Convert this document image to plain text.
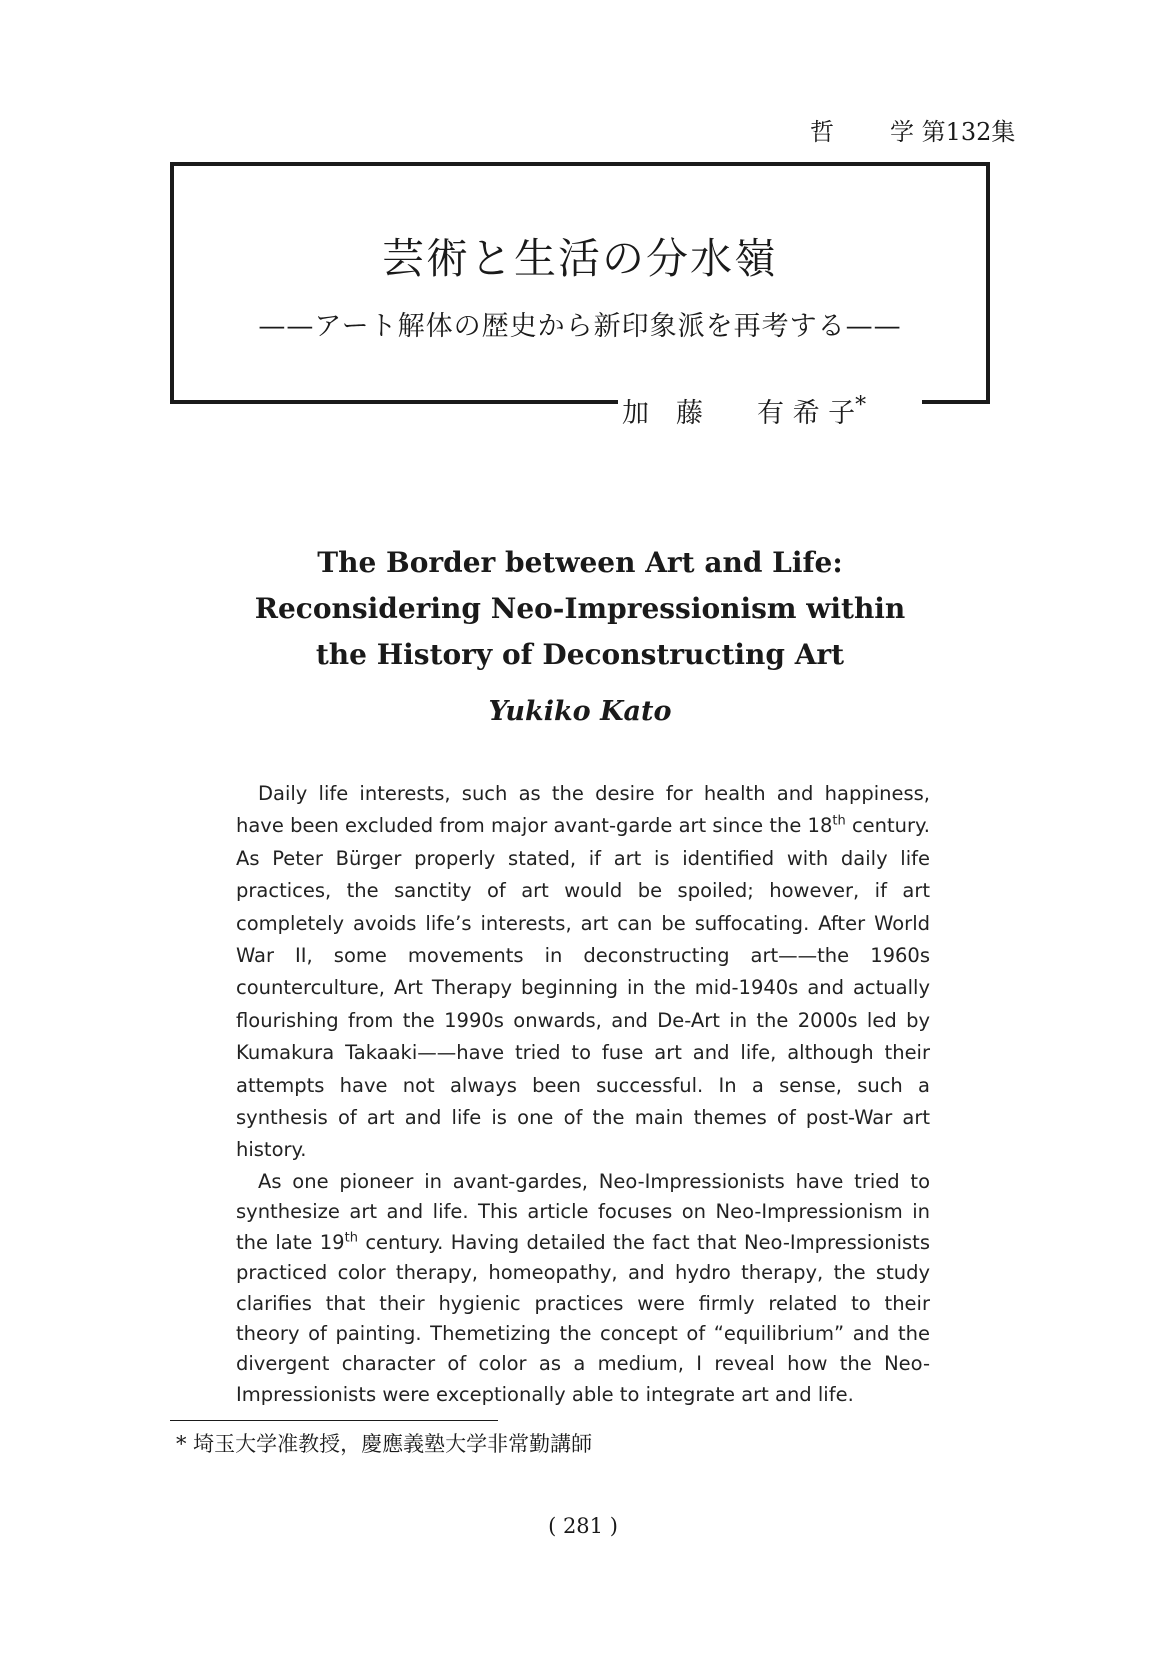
哲 学 第132集
芸術と生活の分水嶺
——アート解体の歴史から新印象派を再考する——
加　藤　　有 希 子*
The Border between Art and Life:
Reconsidering Neo-Impressionism within
the History of Deconstructing Art
Yukiko Kato

Daily life interests, such as the desire for health and happiness, have been excluded from major avant-garde art since the 18th century. As Peter Bürger properly stated, if art is identified with daily life practices, the sanctity of art would be spoiled; however, if art completely avoids life’s interests, art can be suffocating. After World War II, some movements in deconstructing art——the 1960s counterculture, Art Therapy beginning in the mid-1940s and actually flourishing from the 1990s onwards, and De-Art in the 2000s led by Kumakura Takaaki——have tried to fuse art and life, although their attempts have not always been successful. In a sense, such a synthesis of art and life is one of the main themes of post-War art history.

As one pioneer in avant-gardes, Neo-Impressionists have tried to synthesize art and life. This article focuses on Neo-Impressionism in the late 19th century. Having detailed the fact that Neo-Impressionists practiced color therapy, homeopathy, and hydro therapy, the study clarifies that their hygienic practices were firmly related to their theory of painting. Themetizing the concept of “equilibrium” and the divergent character of color as a medium, I reveal how the Neo-Impressionists were exceptionally able to integrate art and life.

* 埼玉大学准教授，慶應義塾大学非常勤講師
( 281 )
